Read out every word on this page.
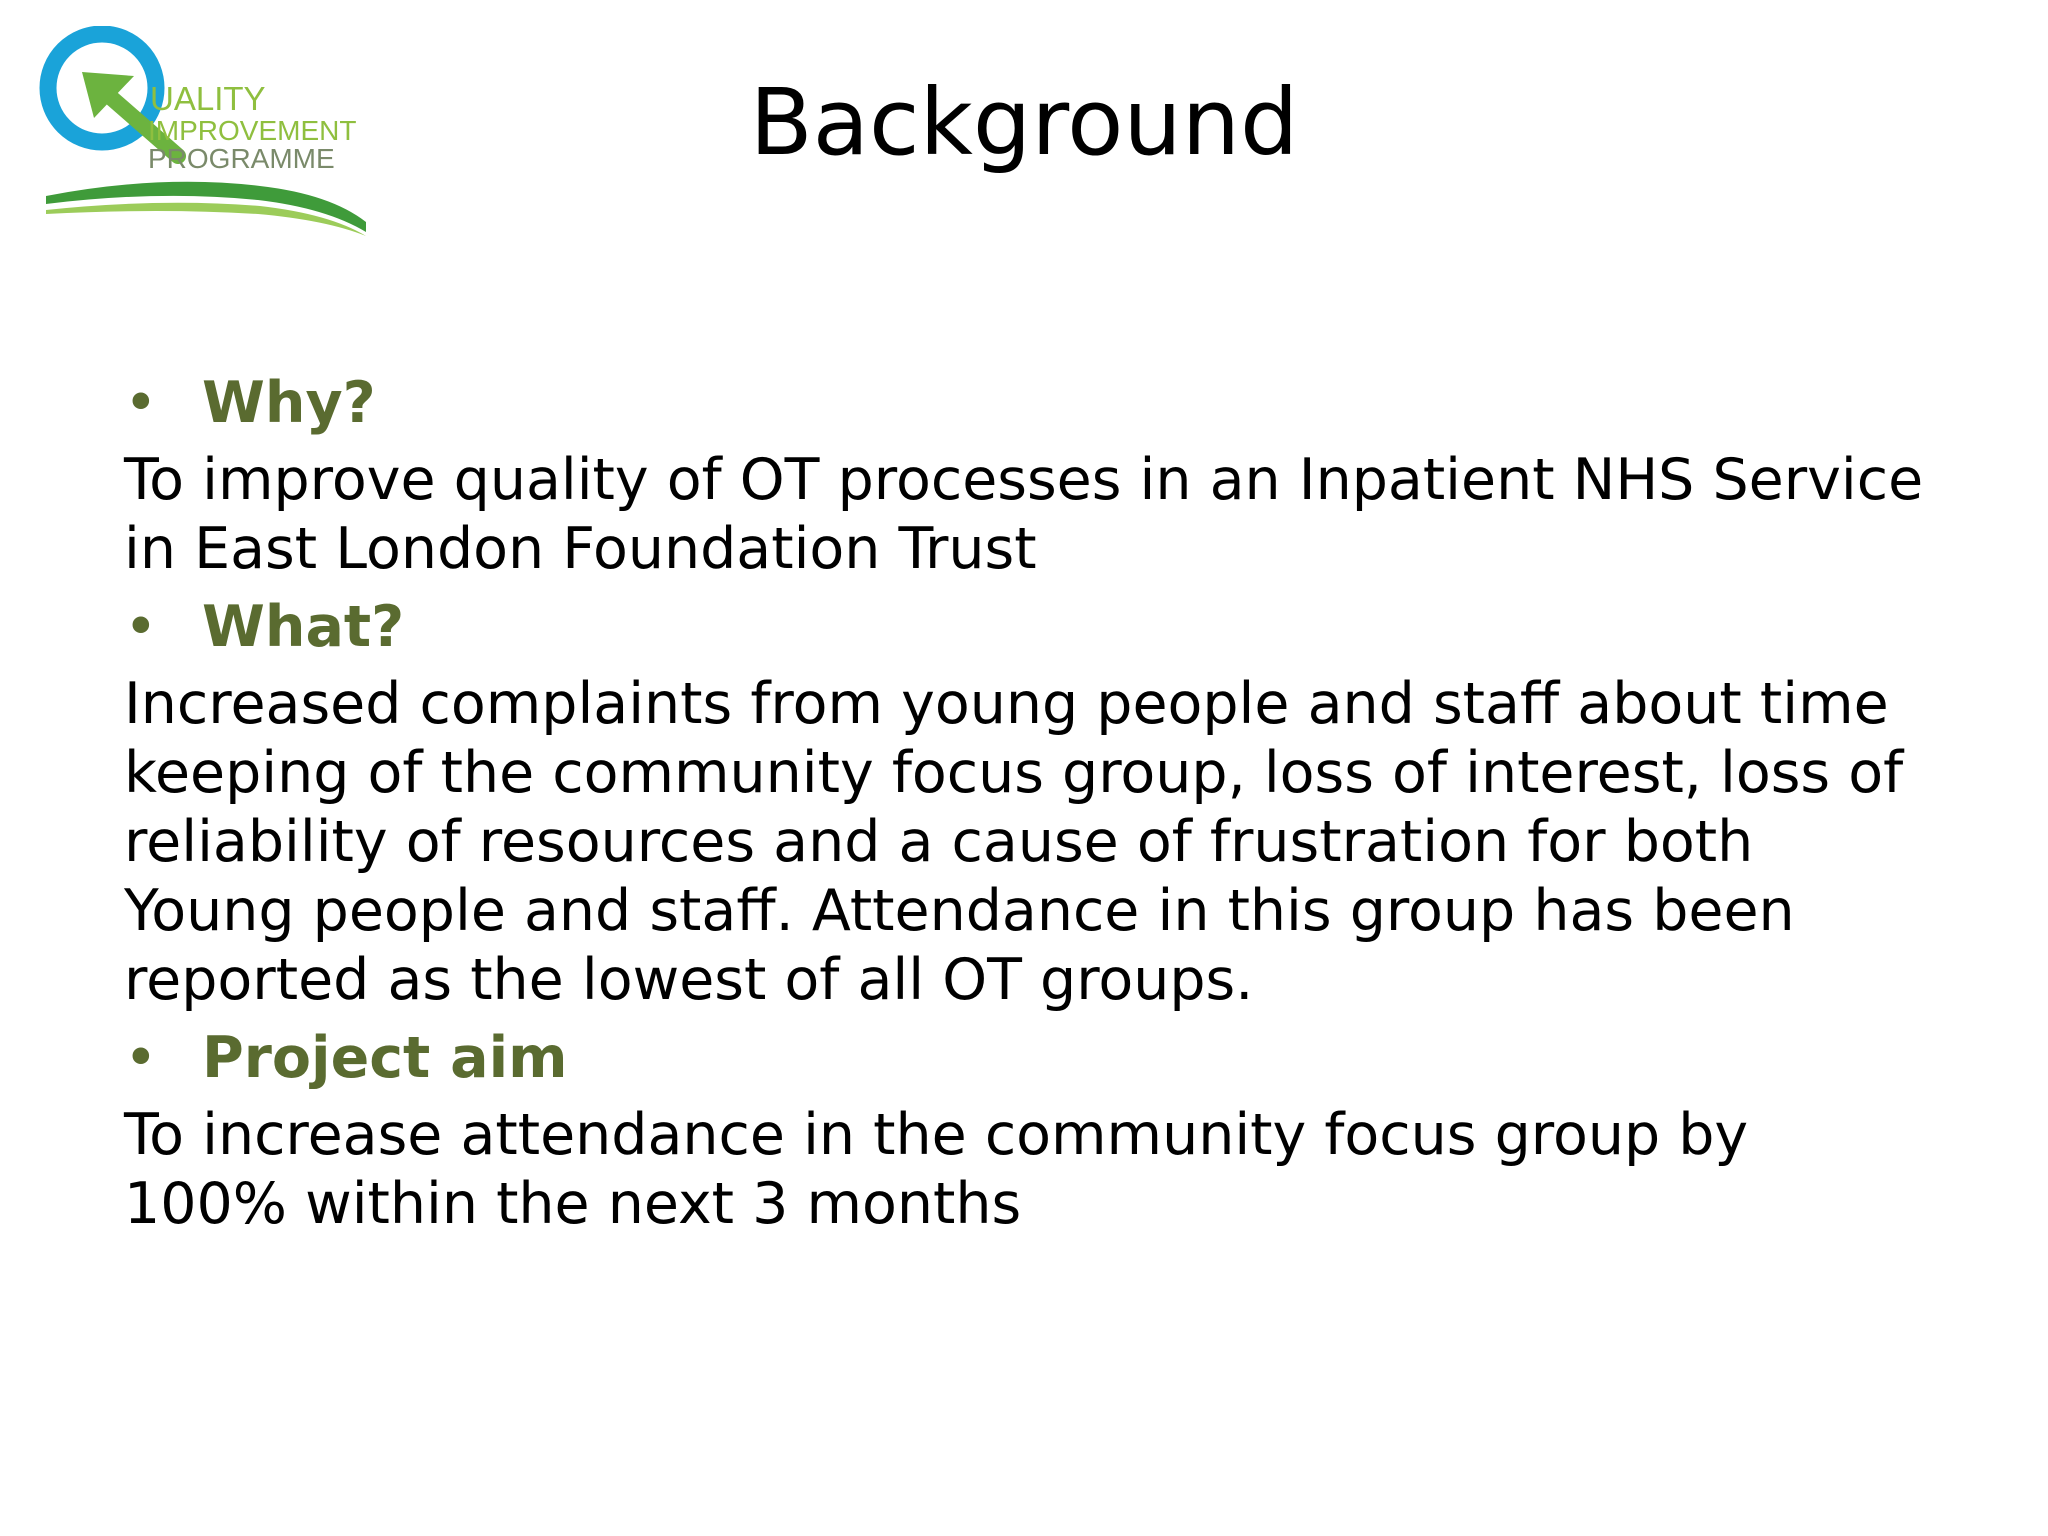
UALITY
IMPROVEMENT
PROGRAMME	Background
• Why?
To improve quality of OT processes in an Inpatient NHS Service
in East London Foundation Trust
• What?
Increased complaints from young people and staff about time
keeping of the community focus group, loss of interest, loss of
reliability of resources and a cause of frustration for both
Young people and staff. Attendance in this group has been
reported as the lowest of all OT groups.
• Project aim
To increase attendance in the community focus group by
100% within the next 3 months
